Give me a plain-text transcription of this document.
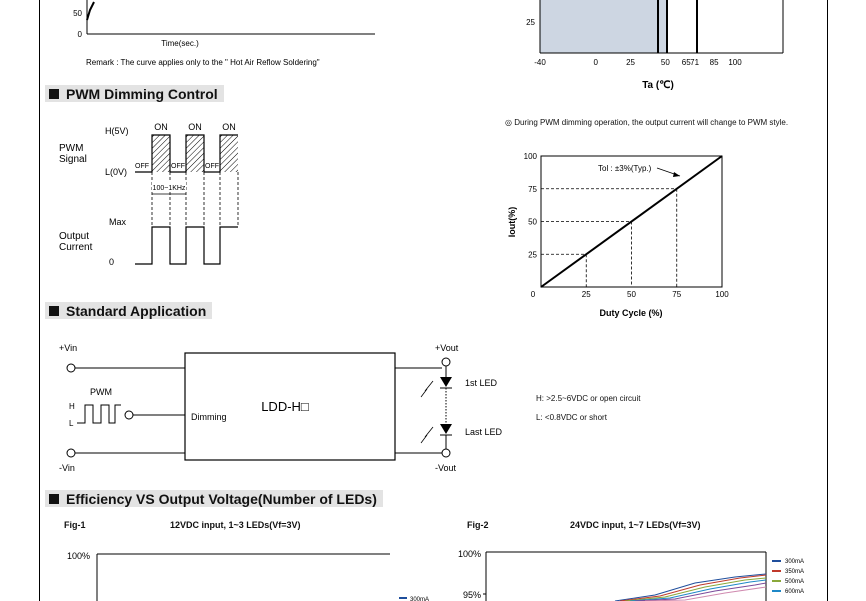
50
0
Time(sec.)
Remark : The curve applies only to the " Hot Air Reflow Soldering"
25
-40	0	25	50 65 71 85 100
Ta (℃)
PWM Dimming Control
Standard Application
Efficiency VS Output Voltage(Number of LEDs)
H(5V)
L(0V)
PWM
Signal
ON ON ON
OFF	OFF	OFF
100~1KHz
Max
0
Output
Current
◎ During PWM dimming operation, the output current will change to PWM style.
25
50
75
100
0	25	50	75	100
Tol : ±3%(Typ.)
Duty Cycle (%)
Iout(%)
+Vin
-Vin
LDD-H□
Dimming
PWM
H
L
+Vout
-Vout
1st LED
Last LED
H: >2.5~6VDC or open circuit
L: <0.8VDC or short
Fig-1	12VDC input, 1~3 LEDs(Vf=3V)	Fig-2	24VDC input, 1~7 LEDs(Vf=3V)
100%
300mA
100%
95%
300mA
350mA
500mA
600mA
